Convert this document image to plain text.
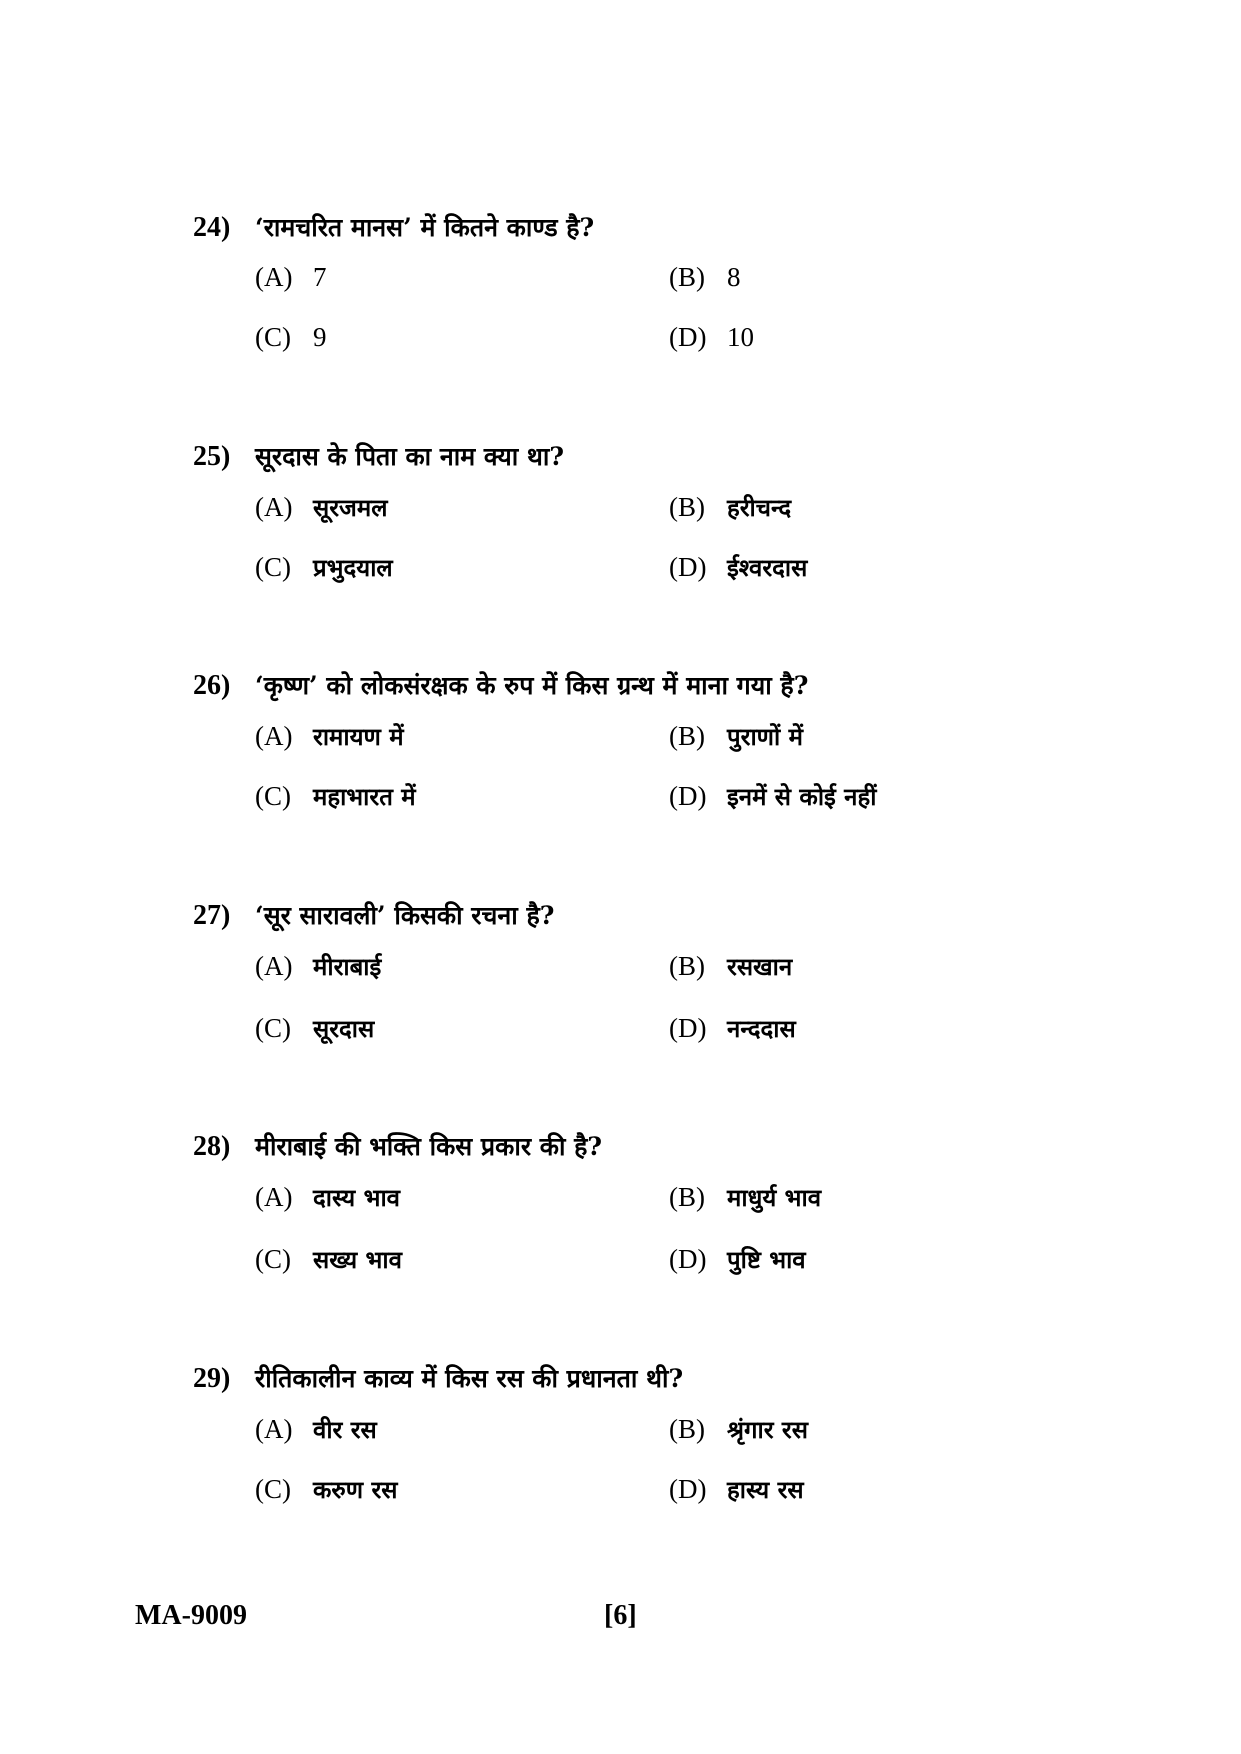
24) ‘रामचरित मानस’ में कितने काण्ड है?
(A) 7	(B) 8
(C) 9	(D) 10
25) सूरदास के पिता का नाम क्या था?
(A) सूरजमल	(B) हरीचन्द
(C) प्रभुदयाल	(D) ईश्वरदास
26) ‘कृष्ण’ को लोकसंरक्षक के रुप में किस ग्रन्थ में माना गया है?
(A) रामायण में	(B) पुराणों में
(C) महाभारत में	(D) इनमें से कोई नहीं
27) ‘सूर सारावली’ किसकी रचना है?
(A) मीराबाई	(B) रसखान
(C) सूरदास	(D) नन्ददास
28) मीराबाई की भक्ति किस प्रकार की है?
(A) दास्य भाव	(B) माधुर्य भाव
(C) सख्य भाव	(D) पुष्टि भाव
29) रीतिकालीन काव्य में किस रस की प्रधानता थी?
(A) वीर रस	(B) श्रृंगार रस
(C) करुण रस	(D) हास्य रस
MA-9009	[6]
